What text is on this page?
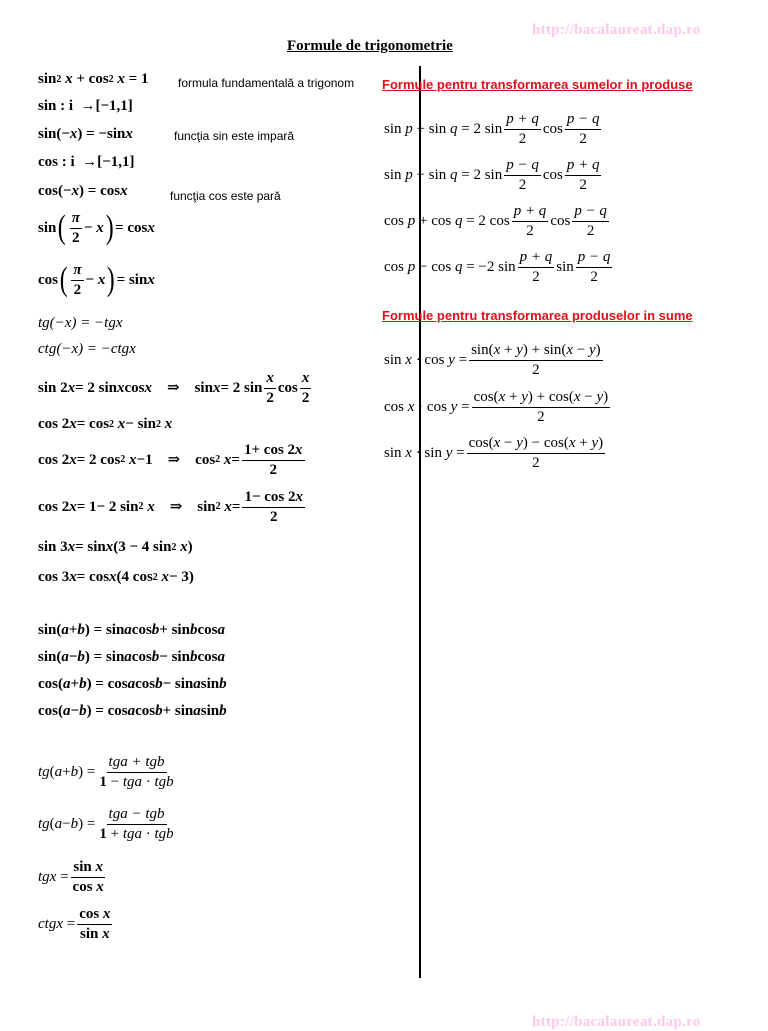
http://bacalaureat.dap.ro
http://bacalaureat.dap.ro
Formule de trigonometrie
sin 2
x + cos 2
x = 1 formula fundamentală a trigonom
sin : i  →[−1,1]
sin(− x ) = −sin x	funcţia sin este impară
cos : i  →[−1,1]
cos(− x ) = cos x	funcţia cos este pară
sin ( $\frac{\pi}{2} - x$ ) = cos x
cos ( $\frac{\pi}{2} - x$ ) = sin x
tg(−x) = −tgx
ctg(−x) = −ctgx
sin 2 x = 2 sin x cos x ⇒    sin x = 2 $\sin \frac{x}{2}$ $\cos \frac{x}{2}$
cos 2 x = cos 2
x − sin 2
x
cos 2 x = 2 cos 2
x −1    ⇒    cos 2
$x = \frac{1+ \cos 2x}{2}$
cos 2 x = 1− 2 sin 2
x ⇒    sin 2
$x = \frac{1- \cos 2x}{2}$
sin 3 x = sin x (3 − 4 sin 2
x )
cos 3 x = cos x (4 cos 2
x − 3)
sin( a + b ) = sin a cos b + sin b cos a
sin( a − b ) = sin a cos b − sin b cos a
cos( a + b ) = cos a cos b − sin a sin b
cos( a − b ) = cos a cos b + sin a sin b
tg ( a + b ) = $\frac{\text{tga + tgb}}{\text{1 − tga · tgb}}$
tg ( a − b ) = $\frac{\text{tga − tgb}}{\text{1 + tga · tgb}}$
tgx = $\frac{\text{sin x}}{\text{cos x}}$
ctgx = $\frac{\text{cos x}}{\text{sin x}}$
Formule pentru transformarea sumelor in produse
sin p + sin q = 2 $\sin \frac{p + q}{2}$ $\cos \frac{p - q}{2}$
sin p − sin q = 2 $\sin \frac{p - q}{2}$ $\cos \frac{p + q}{2}$
cos p + cos q = 2 $\cos \frac{p + q}{2}$ $\cos \frac{p - q}{2}$
cos p − cos q = −2 $\sin \frac{p + q}{2}$ $\sin \frac{p - q}{2}$
Formule pentru transformarea produselor in sume
$\sin x \cdot \cos y = \frac{\sin(x + y) + \sin(x - y)}{2}$
$\cos x \cdot \cos y = \frac{\cos(x + y) + \cos(x - y)}{2}$
$\sin x \cdot \sin y = \frac{\cos(x - y) - \cos(x + y)}{2}$
